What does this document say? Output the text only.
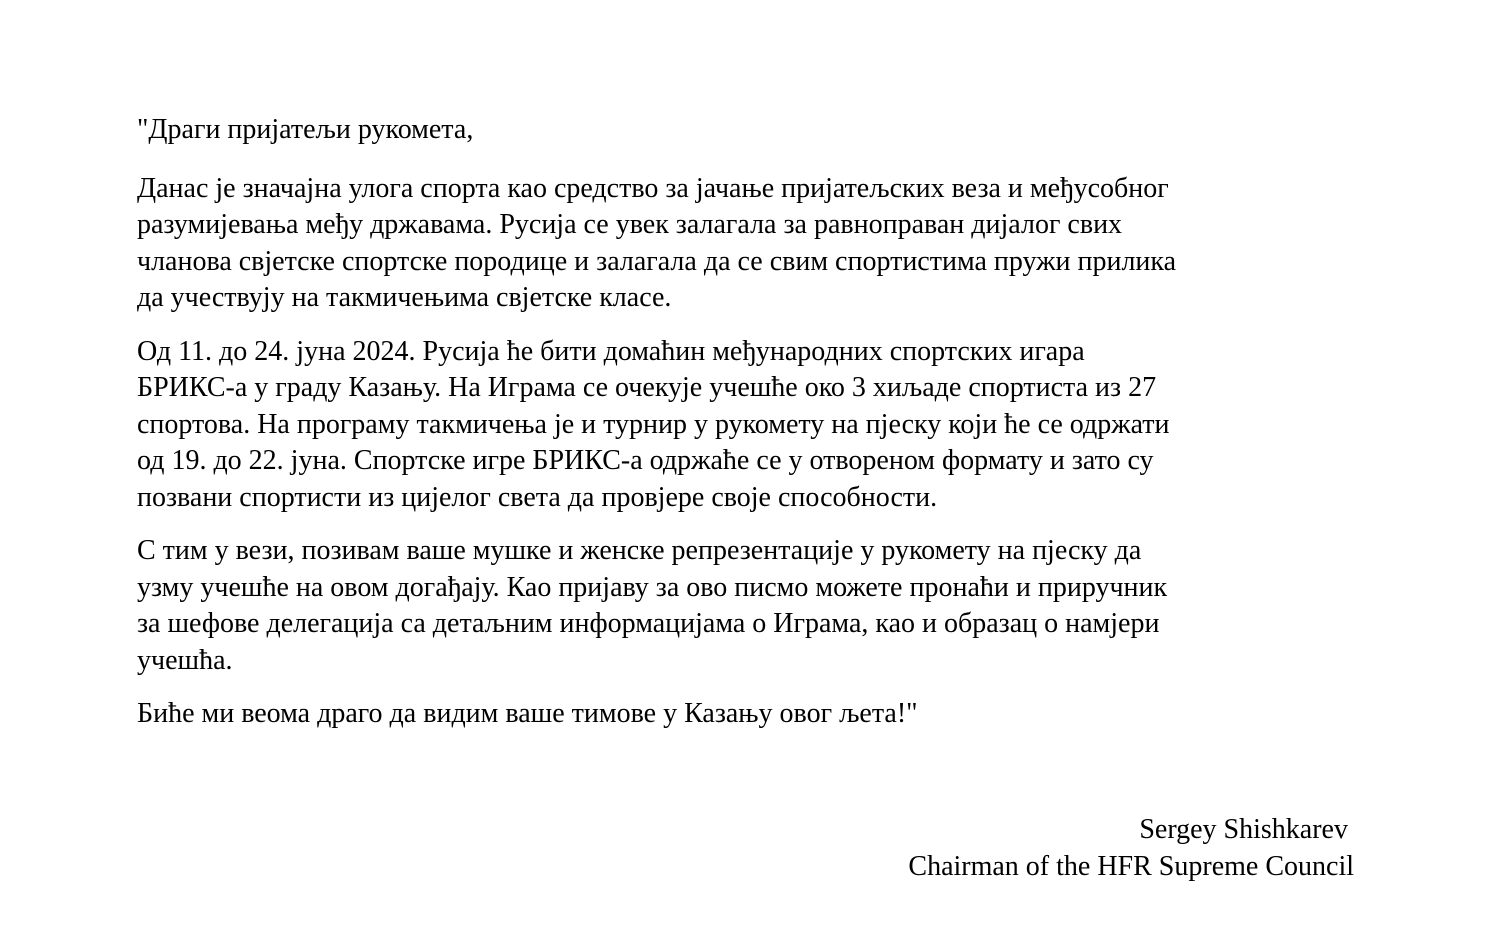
"Драги пријатељи рукомета,

Данас је значајна улога спорта као средство за јачање пријатељских веза и међусобног
разумијевања међу државама. Русија се увек залагала за равноправан дијалог свих
чланова свјетске спортске породице и залагала да се свим спортистима пружи прилика
да учествују на такмичењима свјетске класе.

Од 11. до 24. јуна 2024. Русија ће бити домаћин међународних спортских игара
БРИКС-а у граду Казању. На Играма се очекује учешће око 3 хиљаде спортиста из 27
спортова. На програму такмичења је и турнир у рукомету на пјеску који ће се одржати
од 19. до 22. јуна. Спортске игре БРИКС-а одржаће се у отвореном формату и зато су
позвани спортисти из цијелог света да провјере своје способности.

С тим у вези, позивам ваше мушке и женске репрезентације у рукомету на пјеску да
узму учешће на овом догађају. Као пријаву за ово писмо можете пронаћи и приручник
за шефове делегација са детаљним информацијама о Играма, као и образац о намјери
учешћа.

Биће ми веома драго да видим ваше тимове у Казању овог љета!"

Sergey Shishkarev
Chairman of the HFR Supreme Council
